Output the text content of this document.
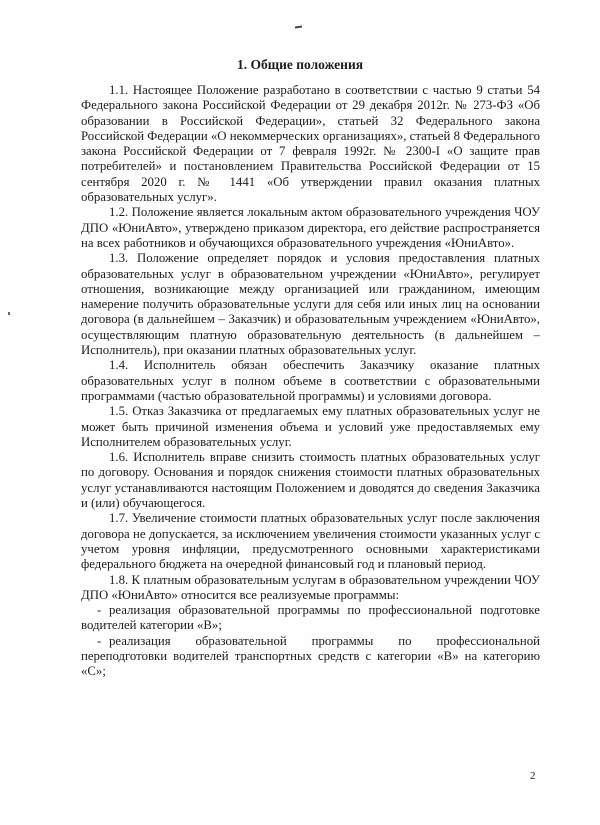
1. Общие положения

1.1. Настоящее Положение разработано в соответствии с частью 9 статьи 54 Федерального закона Российской Федерации от 29 декабря 2012г. № 273-ФЗ «Об образовании в Российской Федерации», статьей 32 Федерального закона Российской Федерации «О некоммерческих организациях», статьей 8 Федерального закона Российской Федерации от 7 февраля 1992г. № 2300-I «О защите прав потребителей» и постановлением Правительства Российской Федерации от 15 сентября 2020 г. № 1441 «Об утверждении правил оказания платных образовательных услуг».

1.2. Положение является локальным актом образовательного учреждения ЧОУ ДПО «ЮниАвто», утверждено приказом директора, его действие распространяется на всех работников и обучающихся образовательного учреждения «ЮниАвто».

1.3. Положение определяет порядок и условия предоставления платных образовательных услуг в образовательном учреждении «ЮниАвто», регулирует отношения, возникающие между организацией или гражданином, имеющим намерение получить образовательные услуги для себя или иных лиц на основании договора (в дальнейшем – Заказчик) и образовательным учреждением «ЮниАвто», осуществляющим платную образовательную деятельность (в дальнейшем – Исполнитель), при оказании платных образовательных услуг.

1.4. Исполнитель обязан обеспечить Заказчику оказание платных образовательных услуг в полном объеме в соответствии с образовательными программами (частью образовательной программы) и условиями договора.

1.5. Отказ Заказчика от предлагаемых ему платных образовательных услуг не может быть причиной изменения объема и условий уже предоставляемых ему Исполнителем образовательных услуг.

1.6. Исполнитель вправе снизить стоимость платных образовательных услуг по договору. Основания и порядок снижения стоимости платных образовательных услуг устанавливаются настоящим Положением и доводятся до сведения Заказчика и (или) обучающегося.

1.7. Увеличение стоимости платных образовательных услуг после заключения договора не допускается, за исключением увеличения стоимости указанных услуг с учетом уровня инфляции, предусмотренного основными характеристиками федерального бюджета на очередной финансовый год и плановый период.

1.8. К платным образовательным услугам в образовательном учреждении ЧОУ ДПО «ЮниАвто» относится все реализуемые программы:

- реализация образовательной программы по профессиональной подготовке водителей категории «В»;

- реализация образовательной программы по профессиональной переподготовки водителей транспортных средств с категории «В» на категорию «С»;

2
